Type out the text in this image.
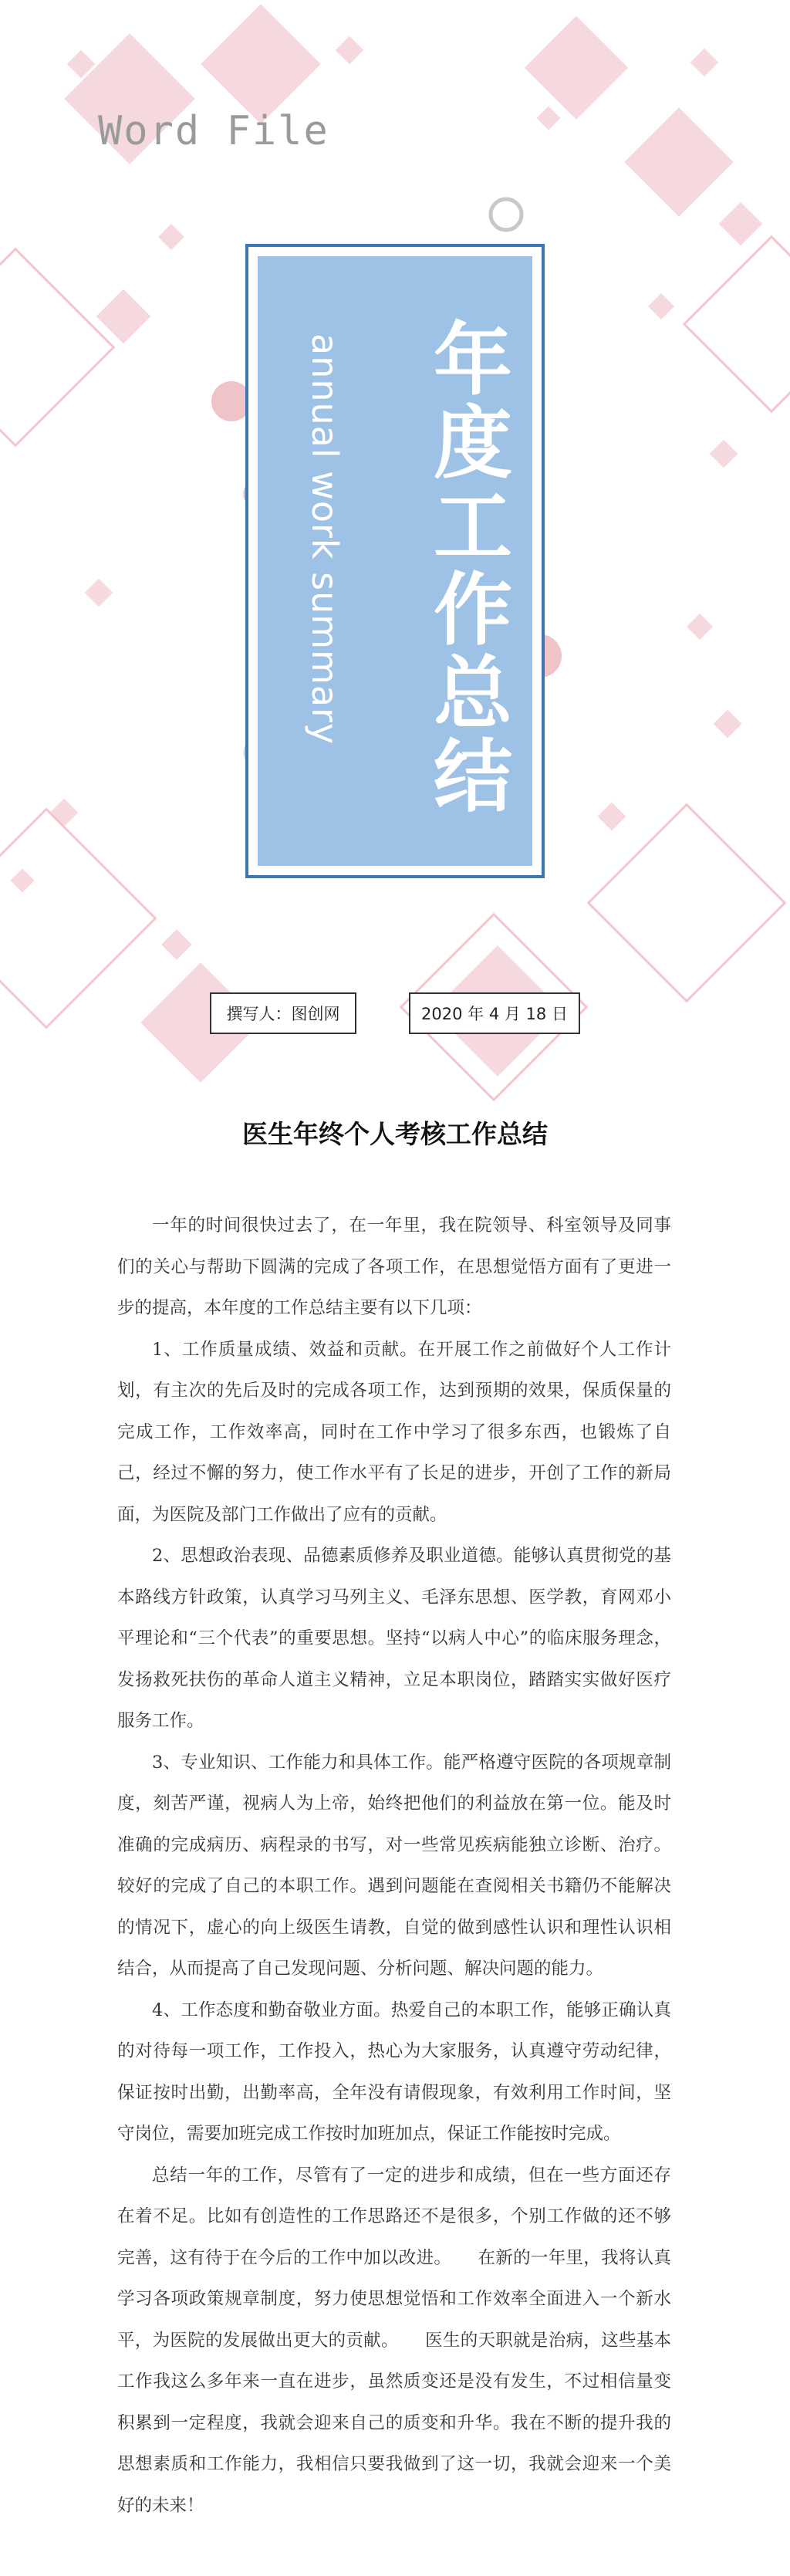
Word File
annual work summary 年度工作总结
撰写人：图创网	2020 年 4 月 18 日
医生年终个人考核工作总结

一年的时间很快过去了，在一年里，我在院领导、科室领导及同事们的关心与帮助下圆满的完成了各项工作，在思想觉悟方面有了更进一步的提高，本年度的工作总结主要有以下几项：

1、工作质量成绩、效益和贡献。在开展工作之前做好个人工作计划，有主次的先后及时的完成各项工作，达到预期的效果，保质保量的完成工作，工作效率高，同时在工作中学习了很多东西，也锻炼了自己，经过不懈的努力，使工作水平有了长足的进步，开创了工作的新局面，为医院及部门工作做出了应有的贡献。

2、思想政治表现、品德素质修养及职业道德。能够认真贯彻党的基本路线方针政策，认真学习马列主义、毛泽东思想、医学教，育网邓小平理论和“三个代表”的重要思想。坚持“以病人中心”的临床服务理念，发扬救死扶伤的革命人道主义精神，立足本职岗位，踏踏实实做好医疗服务工作。

3、专业知识、工作能力和具体工作。能严格遵守医院的各项规章制度，刻苦严谨，视病人为上帝，始终把他们的利益放在第一位。能及时准确的完成病历、病程录的书写，对一些常见疾病能独立诊断、治疗。较好的完成了自己的本职工作。遇到问题能在查阅相关书籍仍不能解决的情况下，虚心的向上级医生请教，自觉的做到感性认识和理性认识相结合，从而提高了自己发现问题、分析问题、解决问题的能力。

4、工作态度和勤奋敬业方面。热爱自己的本职工作，能够正确认真的对待每一项工作，工作投入，热心为大家服务，认真遵守劳动纪律，保证按时出勤，出勤率高，全年没有请假现象，有效利用工作时间，坚守岗位，需要加班完成工作按时加班加点，保证工作能按时完成。

总结一年的工作，尽管有了一定的进步和成绩，但在一些方面还存在着不足。比如有创造性的工作思路还不是很多，个别工作做的还不够完善，这有待于在今后的工作中加以改进。　　在新的一年里，我将认真学习各项政策规章制度，努力使思想觉悟和工作效率全面进入一个新水平，为医院的发展做出更大的贡献。　　医生的天职就是治病，这些基本工作我这么多年来一直在进步，虽然质变还是没有发生，不过相信量变积累到一定程度，我就会迎来自己的质变和升华。我在不断的提升我的思想素质和工作能力，我相信只要我做到了这一切，我就会迎来一个美好的未来！
